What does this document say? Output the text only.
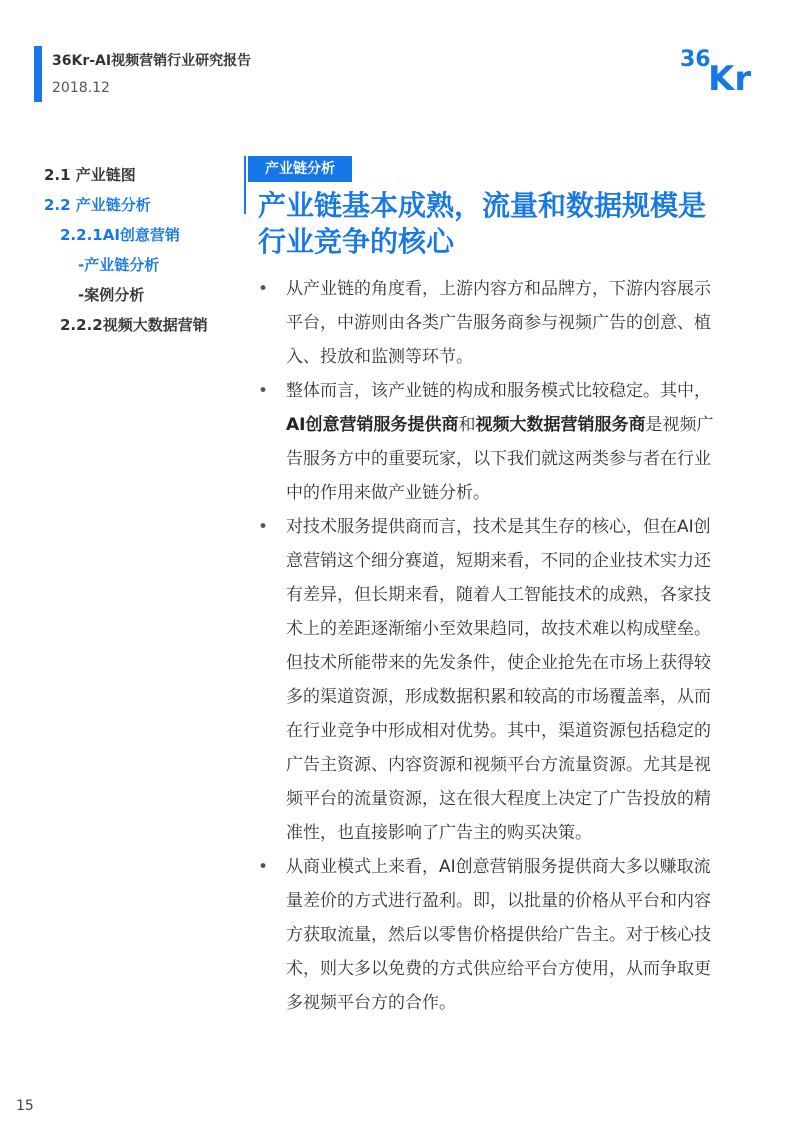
36Kr-AI视频营销行业研究报告
2018.12
36
Kr
2.1 产业链图
2.2 产业链分析
2.2.1AI创意营销
-产业链分析
-案例分析
2.2.2视频大数据营销
产业链分析
产业链基本成熟，流量和数据规模是行业竞争的核心
• 从产业链的角度看，上游内容方和品牌方，下游内容展示平台，中游则由各类广告服务商参与视频广告的创意、植入、投放和监测等环节。
• 整体而言，该产业链的构成和服务模式比较稳定。其中，AI创意营销服务提供商和视频大数据营销服务商是视频广告服务方中的重要玩家，以下我们就这两类参与者在行业中的作用来做产业链分析。
• 对技术服务提供商而言，技术是其生存的核心，但在AI创意营销这个细分赛道，短期来看，不同的企业技术实力还有差异，但长期来看，随着人工智能技术的成熟，各家技术上的差距逐渐缩小至效果趋同，故技术难以构成壁垒。但技术所能带来的先发条件，使企业抢先在市场上获得较多的渠道资源，形成数据积累和较高的市场覆盖率，从而在行业竞争中形成相对优势。其中，渠道资源包括稳定的广告主资源、内容资源和视频平台方流量资源。尤其是视频平台的流量资源，这在很大程度上决定了广告投放的精准性，也直接影响了广告主的购买决策。
• 从商业模式上来看，AI创意营销服务提供商大多以赚取流量差价的方式进行盈利。即，以批量的价格从平台和内容方获取流量，然后以零售价格提供给广告主。对于核心技术，则大多以免费的方式供应给平台方使用，从而争取更多视频平台方的合作。
15
